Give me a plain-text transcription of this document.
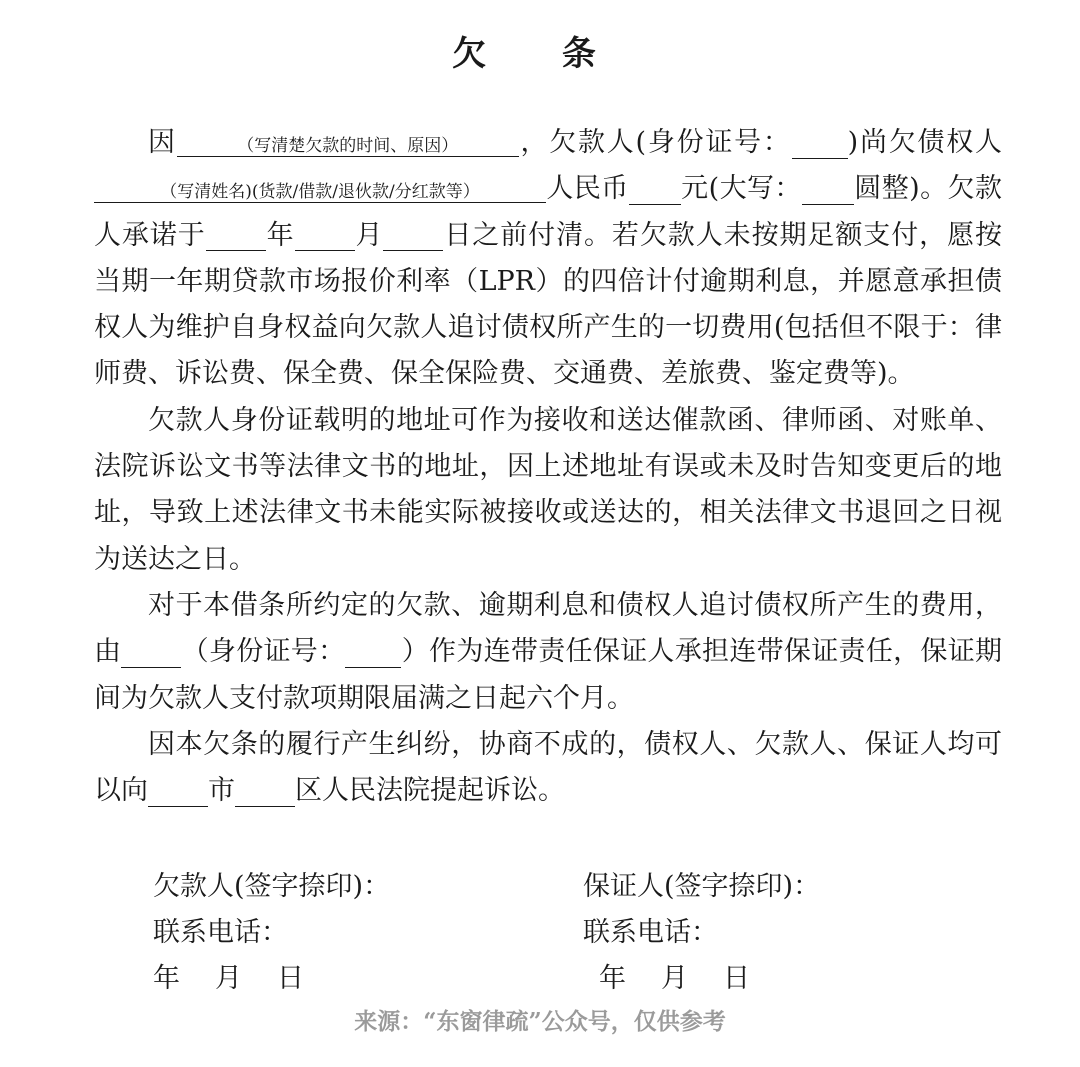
欠 条

因	（写清楚欠款的时间、原因） ，欠款人(身份证号： )尚欠债权人（写清姓名)(货款/借款/退伙款/分红款等） 人民币 元(大写： 圆整)。欠款人承诺于 年 月 日之前付清。若欠款人未按期足额支付，愿按当期一年期贷款市场报价利率（LPR）的四倍计付逾期利息，并愿意承担债权人为维护自身权益向欠款人追讨债权所产生的一切费用(包括但不限于：律师费、诉讼费、保全费、保全保险费、交通费、差旅费、鉴定费等)。

欠款人身份证载明的地址可作为接收和送达催款函、律师函、对账单、法院诉讼文书等法律文书的地址，因上述地址有误或未及时告知变更后的地址，导致上述法律文书未能实际被接收或送达的，相关法律文书退回之日视为送达之日。

对于本借条所约定的欠款、逾期利息和债权人追讨债权所产生的费用，由 （身份证号： ）作为连带责任保证人承担连带保证责任，保证期间为欠款人支付款项期限届满之日起六个月。

因本欠条的履行产生纠纷，协商不成的，债权人、欠款人、保证人均可以向 市 区人民法院提起诉讼。

欠款人(签字捺印)：
联系电话：
年 月 日
保证人(签字捺印)：
联系电话：
年 月 日
来源：“东窗律疏”公众号，仅供参考
